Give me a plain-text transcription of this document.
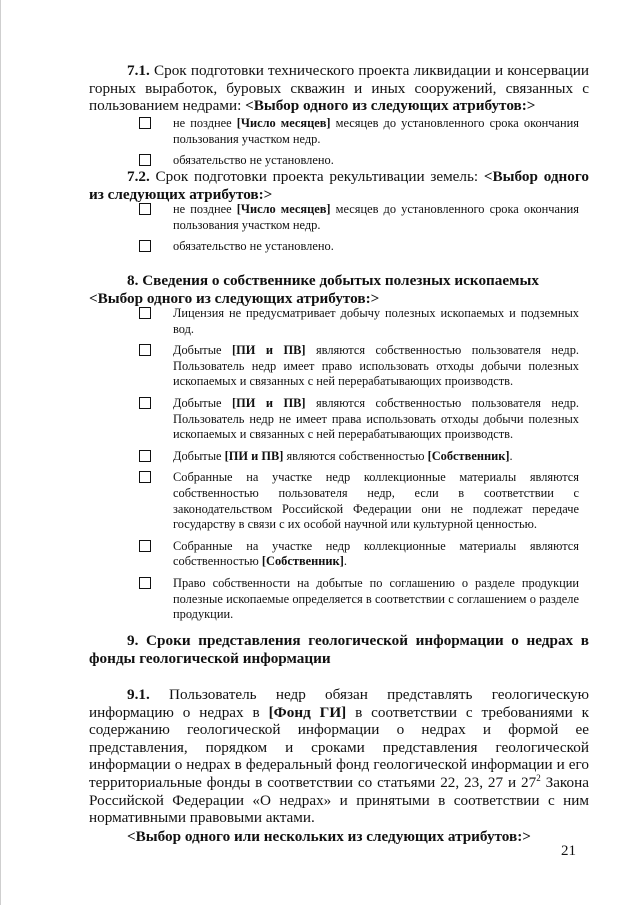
7.1. Срок подготовки технического проекта ликвидации и консервации горных выработок, буровых скважин и иных сооружений, связанных с пользованием недрами: <Выбор одного из следующих атрибутов:>
не позднее [Число месяцев] месяцев до установленного срока окончания пользования участком недр.
обязательство не установлено.
7.2. Срок подготовки проекта рекультивации земель: <Выбор одного из следующих атрибутов:>
не позднее [Число месяцев] месяцев до установленного срока окончания пользования участком недр.
обязательство не установлено.
8. Сведения о собственнике добытых полезных ископаемых
<Выбор одного из следующих атрибутов:>
Лицензия не предусматривает добычу полезных ископаемых и подземных вод.
Добытые [ПИ и ПВ] являются собственностью пользователя недр. Пользователь недр имеет право использовать отходы добычи полезных ископаемых и связанных с ней перерабатывающих производств.
Добытые [ПИ и ПВ] являются собственностью пользователя недр. Пользователь недр не имеет права использовать отходы добычи полезных ископаемых и связанных с ней перерабатывающих производств.
Добытые [ПИ и ПВ] являются собственностью [Собственник].
Собранные на участке недр коллекционные материалы являются собственностью пользователя недр, если в соответствии с законодательством Российской Федерации они не подлежат передаче государству в связи с их особой научной или культурной ценностью.
Собранные на участке недр коллекционные материалы являются собственностью [Собственник].
Право собственности на добытые по соглашению о разделе продукции полезные ископаемые определяется в соответствии с соглашением о разделе продукции.
9. Сроки представления геологической информации о недрах в фонды геологической информации
9.1. Пользователь недр обязан представлять геологическую информацию о недрах в [Фонд ГИ] в соответствии с требованиями к содержанию геологической информации о недрах и формой ее представления, порядком и сроками представления геологической информации о недрах в федеральный фонд геологической информации и его территориальные фонды в соответствии со статьями 22, 23, 27 и $27^2$ Закона Российской Федерации «О недрах» и принятыми в соответствии с ним нормативными правовыми актами.
<Выбор одного или нескольких из следующих атрибутов:>
21
